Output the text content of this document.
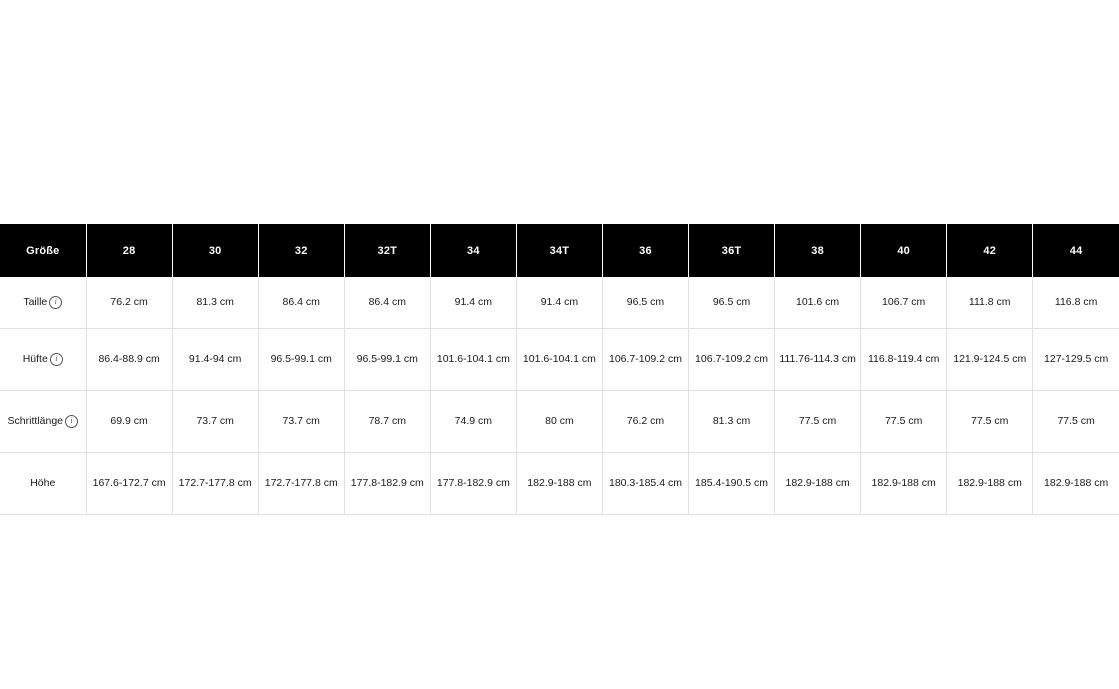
Größe	28	30	32	32T	34	34T	36	36T	38	40	42	44
Taille i	76.2 cm	81.3 cm	86.4 cm	86.4 cm	91.4 cm	91.4 cm	96.5 cm	96.5 cm	101.6 cm	106.7 cm	111.8 cm	116.8 cm
Hüfte i	86.4-88.9 cm	91.4-94 cm	96.5-99.1 cm	96.5-99.1 cm	101.6-104.1 cm	101.6-104.1 cm	106.7-109.2 cm	106.7-109.2 cm	111.76-114.3 cm	116.8-119.4 cm	121.9-124.5 cm	127-129.5 cm
Schrittlänge i	69.9 cm	73.7 cm	73.7 cm	78.7 cm	74.9 cm	80 cm	76.2 cm	81.3 cm	77.5 cm	77.5 cm	77.5 cm	77.5 cm
Höhe	167.6-172.7 cm	172.7-177.8 cm	172.7-177.8 cm	177.8-182.9 cm	177.8-182.9 cm	182.9-188 cm	180.3-185.4 cm	185.4-190.5 cm	182.9-188 cm	182.9-188 cm	182.9-188 cm	182.9-188 cm
